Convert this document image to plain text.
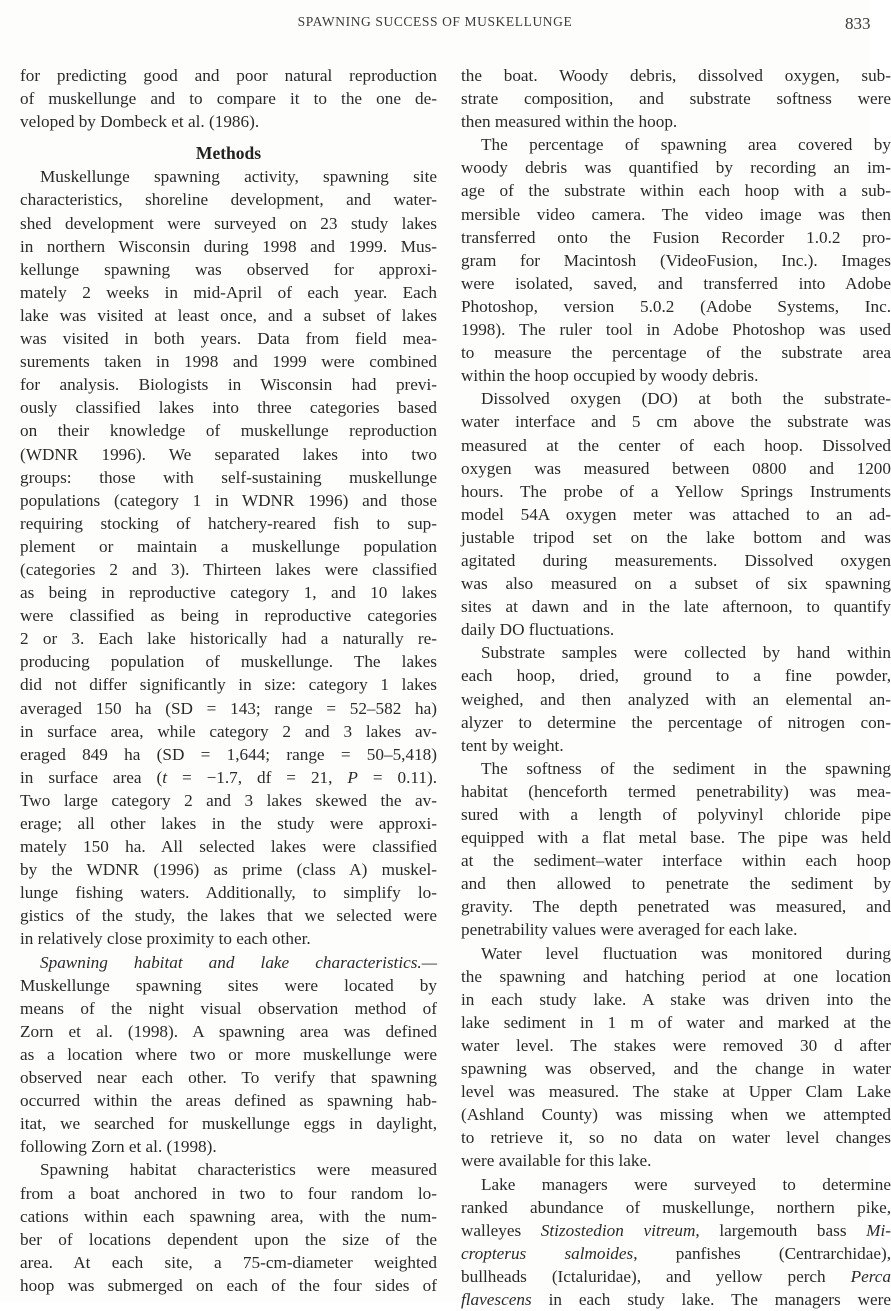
SPAWNING SUCCESS OF MUSKELLUNGE	833
for predicting good and poor natural reproduction
of muskellunge and to compare it to the one de-
veloped by Dombeck et al. (1986).
Methods
Muskellunge spawning activity, spawning site
characteristics, shoreline development, and water-
shed development were surveyed on 23 study lakes
in northern Wisconsin during 1998 and 1999. Mus-
kellunge spawning was observed for approxi-
mately 2 weeks in mid-April of each year. Each
lake was visited at least once, and a subset of lakes
was visited in both years. Data from field mea-
surements taken in 1998 and 1999 were combined
for analysis. Biologists in Wisconsin had previ-
ously classified lakes into three categories based
on their knowledge of muskellunge reproduction
(WDNR 1996). We separated lakes into two
groups: those with self-sustaining muskellunge
populations (category 1 in WDNR 1996) and those
requiring stocking of hatchery-reared fish to sup-
plement or maintain a muskellunge population
(categories 2 and 3). Thirteen lakes were classified
as being in reproductive category 1, and 10 lakes
were classified as being in reproductive categories
2 or 3. Each lake historically had a naturally re-
producing population of muskellunge. The lakes
did not differ significantly in size: category 1 lakes
averaged 150 ha (SD = 143; range = 52–582 ha)
in surface area, while category 2 and 3 lakes av-
eraged 849 ha (SD = 1,644; range = 50–5,418)
in surface area (t = −1.7, df = 21, P = 0.11).
Two large category 2 and 3 lakes skewed the av-
erage; all other lakes in the study were approxi-
mately 150 ha. All selected lakes were classified
by the WDNR (1996) as prime (class A) muskel-
lunge fishing waters. Additionally, to simplify lo-
gistics of the study, the lakes that we selected were
in relatively close proximity to each other.
Spawning habitat and lake characteristics.—
Muskellunge spawning sites were located by
means of the night visual observation method of
Zorn et al. (1998). A spawning area was defined
as a location where two or more muskellunge were
observed near each other. To verify that spawning
occurred within the areas defined as spawning hab-
itat, we searched for muskellunge eggs in daylight,
following Zorn et al. (1998).
Spawning habitat characteristics were measured
from a boat anchored in two to four random lo-
cations within each spawning area, with the num-
ber of locations dependent upon the size of the
area. At each site, a 75-cm-diameter weighted
hoop was submerged on each of the four sides of
the boat. Woody debris, dissolved oxygen, sub-
strate composition, and substrate softness were
then measured within the hoop.
The percentage of spawning area covered by
woody debris was quantified by recording an im-
age of the substrate within each hoop with a sub-
mersible video camera. The video image was then
transferred onto the Fusion Recorder 1.0.2 pro-
gram for Macintosh (VideoFusion, Inc.). Images
were isolated, saved, and transferred into Adobe
Photoshop, version 5.0.2 (Adobe Systems, Inc.
1998). The ruler tool in Adobe Photoshop was used
to measure the percentage of the substrate area
within the hoop occupied by woody debris.
Dissolved oxygen (DO) at both the substrate-
water interface and 5 cm above the substrate was
measured at the center of each hoop. Dissolved
oxygen was measured between 0800 and 1200
hours. The probe of a Yellow Springs Instruments
model 54A oxygen meter was attached to an ad-
justable tripod set on the lake bottom and was
agitated during measurements. Dissolved oxygen
was also measured on a subset of six spawning
sites at dawn and in the late afternoon, to quantify
daily DO fluctuations.
Substrate samples were collected by hand within
each hoop, dried, ground to a fine powder,
weighed, and then analyzed with an elemental an-
alyzer to determine the percentage of nitrogen con-
tent by weight.
The softness of the sediment in the spawning
habitat (henceforth termed penetrability) was mea-
sured with a length of polyvinyl chloride pipe
equipped with a flat metal base. The pipe was held
at the sediment–water interface within each hoop
and then allowed to penetrate the sediment by
gravity. The depth penetrated was measured, and
penetrability values were averaged for each lake.
Water level fluctuation was monitored during
the spawning and hatching period at one location
in each study lake. A stake was driven into the
lake sediment in 1 m of water and marked at the
water level. The stakes were removed 30 d after
spawning was observed, and the change in water
level was measured. The stake at Upper Clam Lake
(Ashland County) was missing when we attempted
to retrieve it, so no data on water level changes
were available for this lake.
Lake managers were surveyed to determine
ranked abundance of muskellunge, northern pike,
walleyes Stizostedion vitreum, largemouth bass Mi-
cropterus salmoides, panfishes (Centrarchidae),
bullheads (Ictaluridae), and yellow perch Perca
flavescens in each study lake. The managers were
